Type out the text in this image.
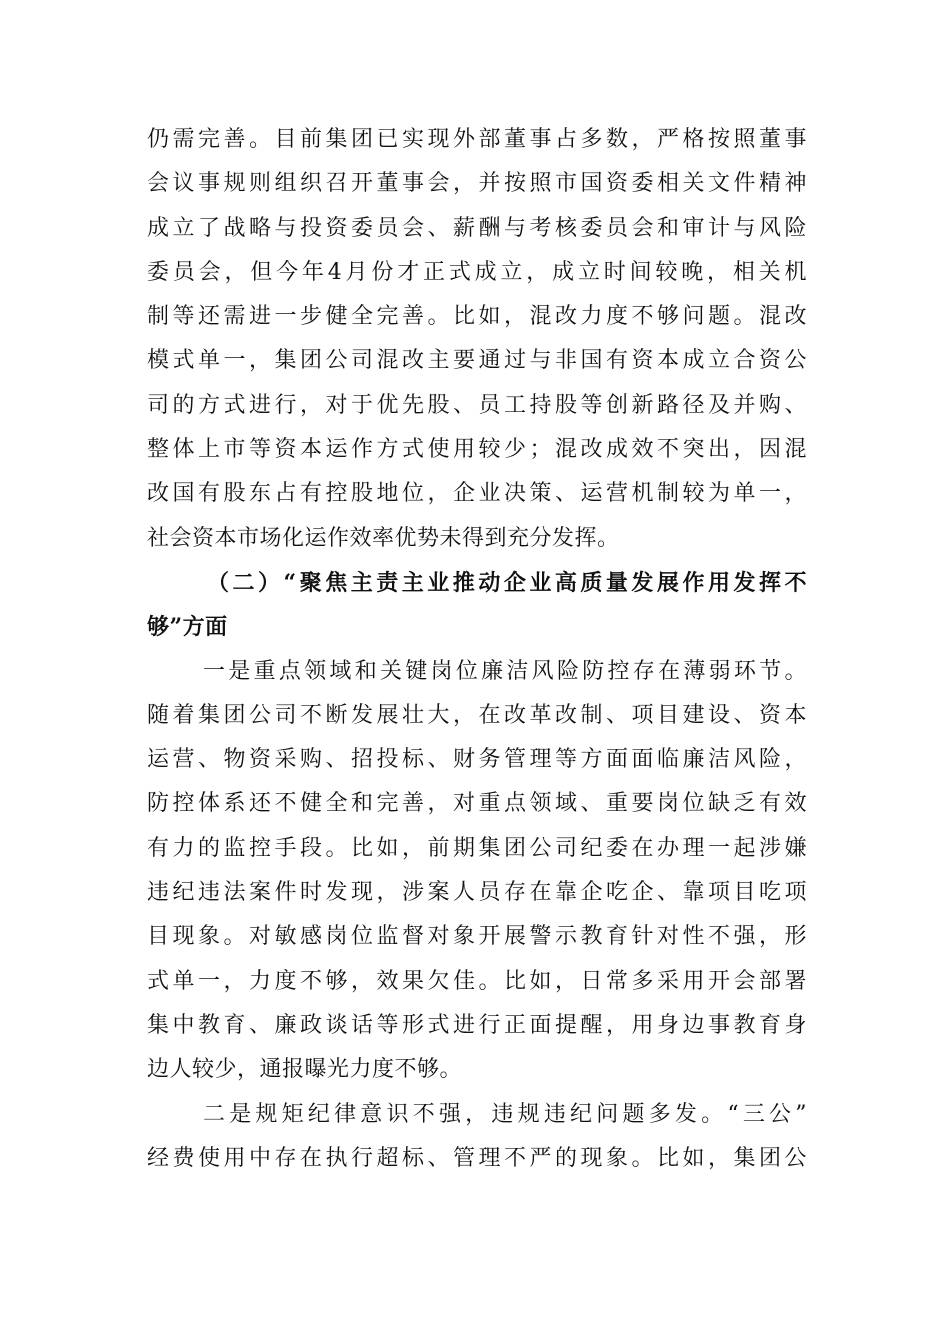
仍需完善。目前集团已实现外部董事占多数，严格按照董事
会议事规则组织召开董事会，并按照市国资委相关文件精神
成立了战略与投资委员会、薪酬与考核委员会和审计与风险
委员会，但今年4月份才正式成立，成立时间较晚，相关机
制等还需进一步健全完善。比如，混改力度不够问题。混改
模式单一，集团公司混改主要通过与非国有资本成立合资公
司的方式进行，对于优先股、员工持股等创新路径及并购、
整体上市等资本运作方式使用较少；混改成效不突出，因混
改国有股东占有控股地位，企业决策、运营机制较为单一，
社会资本市场化运作效率优势未得到充分发挥。
（二）“聚焦主责主业推动企业高质量发展作用发挥不
够”方面
一是重点领域和关键岗位廉洁风险防控存在薄弱环节。
随着集团公司不断发展壮大，在改革改制、项目建设、资本
运营、物资采购、招投标、财务管理等方面面临廉洁风险，
防控体系还不健全和完善，对重点领域、重要岗位缺乏有效
有力的监控手段。比如，前期集团公司纪委在办理一起涉嫌
违纪违法案件时发现，涉案人员存在靠企吃企、靠项目吃项
目现象。对敏感岗位监督对象开展警示教育针对性不强，形
式单一，力度不够，效果欠佳。比如，日常多采用开会部署
集中教育、廉政谈话等形式进行正面提醒，用身边事教育身
边人较少，通报曝光力度不够。
二是规矩纪律意识不强，违规违纪问题多发。“三公”
经费使用中存在执行超标、管理不严的现象。比如，集团公
